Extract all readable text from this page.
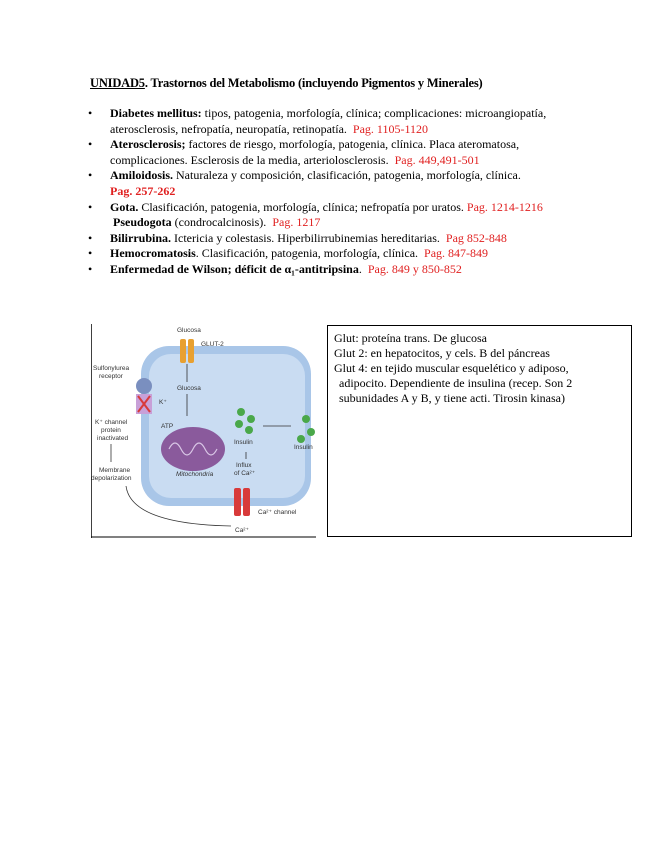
UNIDAD5. Trastornos del Metabolismo (incluyendo Pigmentos y Minerales)
• Diabetes mellitus: tipos, patogenia, morfología, clínica; complicaciones: microangiopatía, aterosclerosis, nefropatía, neuropatía, retinopatía. Pag. 1105-1120
• Aterosclerosis; factores de riesgo, morfología, patogenia, clínica. Placa ateromatosa, complicaciones. Esclerosis de la media, arteriolosclerosis. Pag. 449,491-501
• Amiloidosis. Naturaleza y composición, clasificación, patogenia, morfología, clínica.
Pag. 257-262
• Gota. Clasificación, patogenia, morfología, clínica; nefropatía por uratos. Pag. 1214-1216
Pseudogota (condrocalcinosis). Pag. 1217
• Bilirrubina. Ictericia y colestasis. Hiperbilirrubinemias hereditarias. Pag 852-848
• Hemocromatosis. Clasificación, patogenia, morfología, clínica. Pag. 847-849
• Enfermedad de Wilson; déficit de α₁-antitripsina. Pag. 849 y 850-852
Glucosa
GLUT-2
Glucosa
Mitochondria
ATP
Sulfonylurea
receptor
K⁺
K⁺ channel
protein
inactivated
Membrane
depolarization
Insulin
Insulin
Influx
of Ca²⁺
Ca²⁺ channel
Ca²⁺
Glut: proteína trans. De glucosa
Glut 2: en hepatocitos, y cels. B del páncreas
Glut 4: en tejido muscular esquelético y adiposo,
adipocito. Dependiente de insulina (recep. Son 2
subunidades A y B, y tiene acti. Tirosin kinasa)
